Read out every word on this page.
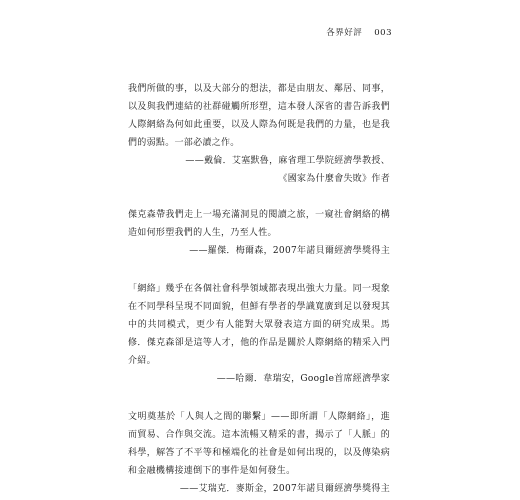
各界好評 003

我們所做的事，以及大部分的想法，都是由朋友、鄰居、同事，以及與我們連結的社群碰觸所形塑，這本發人深省的書告訴我們人際網絡為何如此重要，以及人際為何既是我們的力量，也是我們的弱點。一部必讀之作。

——戴倫．艾塞默魯，麻省理工學院經濟學教授、

《國家為什麼會失敗》作者

傑克森帶我們走上一場充滿洞見的閱讀之旅，一窺社會網絡的構造如何形塑我們的人生，乃至人性。

——羅傑．梅爾森，2007年諾貝爾經濟學獎得主

「網絡」幾乎在各個社會科學領域都表現出強大力量。同一現象在不同學科呈現不同面貌，但鮮有學者的學識寬廣到足以發現其中的共同模式，更少有人能對大眾發表這方面的研究成果。馬修．傑克森卻是這等人才，他的作品是關於人際網絡的精采入門介紹。

——哈爾．韋瑞安，Google首席經濟學家

文明奠基於「人與人之間的聯繫」——即所謂「人際網絡」，進而貿易、合作與交流。這本流暢又精采的書，揭示了「人脈」的科學，解答了不平等和極端化的社會是如何出現的，以及傳染病和金融機構接連倒下的事件是如何發生。

——艾瑞克．麥斯金，2007年諾貝爾經濟學獎得主
